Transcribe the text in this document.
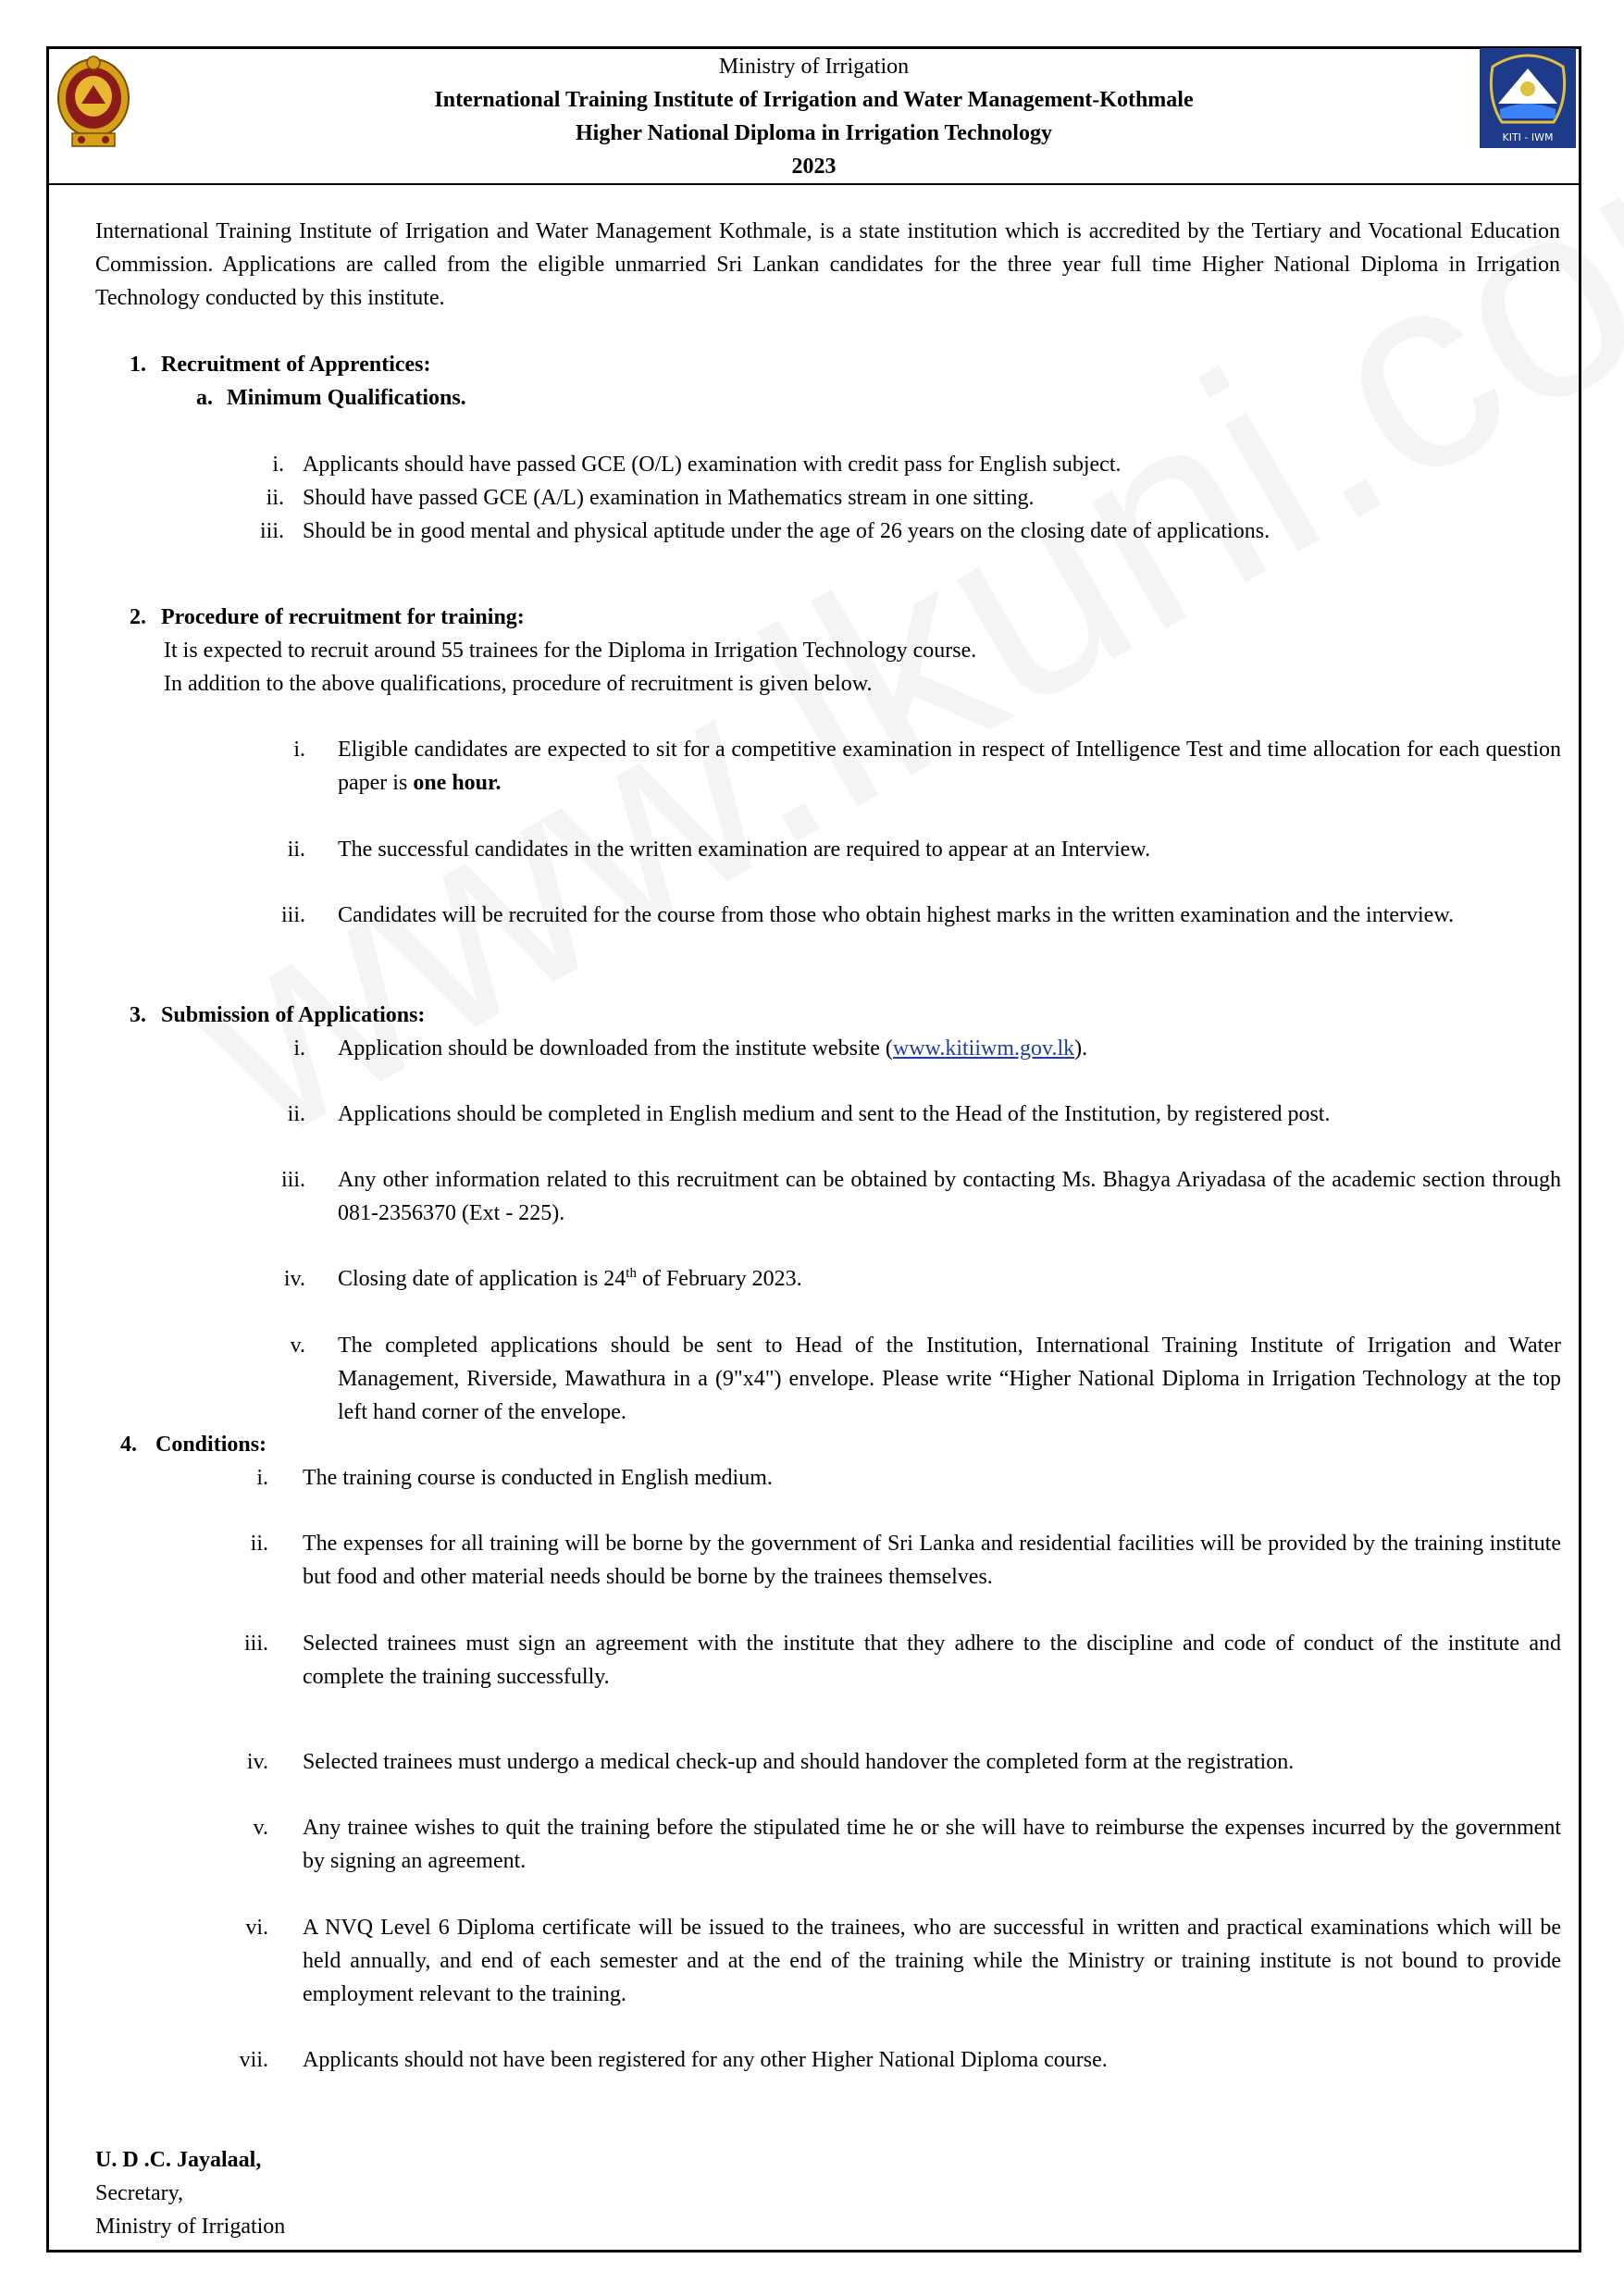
Ministry of Irrigation
International Training Institute of Irrigation and Water Management-Kothmale
Higher National Diploma in Irrigation Technology
2023
KITI - IWM
International Training Institute of Irrigation and Water Management Kothmale, is a state institution which is accredited by the Tertiary and Vocational Education Commission. Applications are called from the eligible unmarried Sri Lankan candidates for the three year full time Higher National Diploma in Irrigation Technology conducted by this institute.
1. Recruitment of Apprentices:
a. Minimum Qualifications.
i. Applicants should have passed GCE (O/L) examination with credit pass for English subject.
ii. Should have passed GCE (A/L) examination in Mathematics stream in one sitting.
iii. Should be in good mental and physical aptitude under the age of 26 years on the closing date of applications.
2. Procedure of recruitment for training:
It is expected to recruit around 55 trainees for the Diploma in Irrigation Technology course.
In addition to the above qualifications, procedure of recruitment is given below.
i. Eligible candidates are expected to sit for a competitive examination in respect of Intelligence Test and time allocation for each question paper is one hour.
ii. The successful candidates in the written examination are required to appear at an Interview.
iii. Candidates will be recruited for the course from those who obtain highest marks in the written examination and the interview.
3. Submission of Applications:
i. Application should be downloaded from the institute website (www.kitiiwm.gov.lk).
ii. Applications should be completed in English medium and sent to the Head of the Institution, by registered post.
iii. Any other information related to this recruitment can be obtained by contacting Ms. Bhagya Ariyadasa of the academic section through 081-2356370 (Ext - 225).
iv. Closing date of application is 24th of February 2023.
v. The completed applications should be sent to Head of the Institution, International Training Institute of Irrigation and Water Management, Riverside, Mawathura in a (9"x4") envelope. Please write “Higher National Diploma in Irrigation Technology at the top left hand corner of the envelope.
4. Conditions:
i. The training course is conducted in English medium.
ii. The expenses for all training will be borne by the government of Sri Lanka and residential facilities will be provided by the training institute but food and other material needs should be borne by the trainees themselves.
iii. Selected trainees must sign an agreement with the institute that they adhere to the discipline and code of conduct of the institute and complete the training successfully.
iv. Selected trainees must undergo a medical check-up and should handover the completed form at the registration.
v. Any trainee wishes to quit the training before the stipulated time he or she will have to reimburse the expenses incurred by the government by signing an agreement.
vi. A NVQ Level 6 Diploma certificate will be issued to the trainees, who are successful in written and practical examinations which will be held annually, and end of each semester and at the end of the training while the Ministry or training institute is not bound to provide employment relevant to the training.
vii. Applicants should not have been registered for any other Higher National Diploma course.
U. D .C. Jayalaal,
Secretary,
Ministry of Irrigation
